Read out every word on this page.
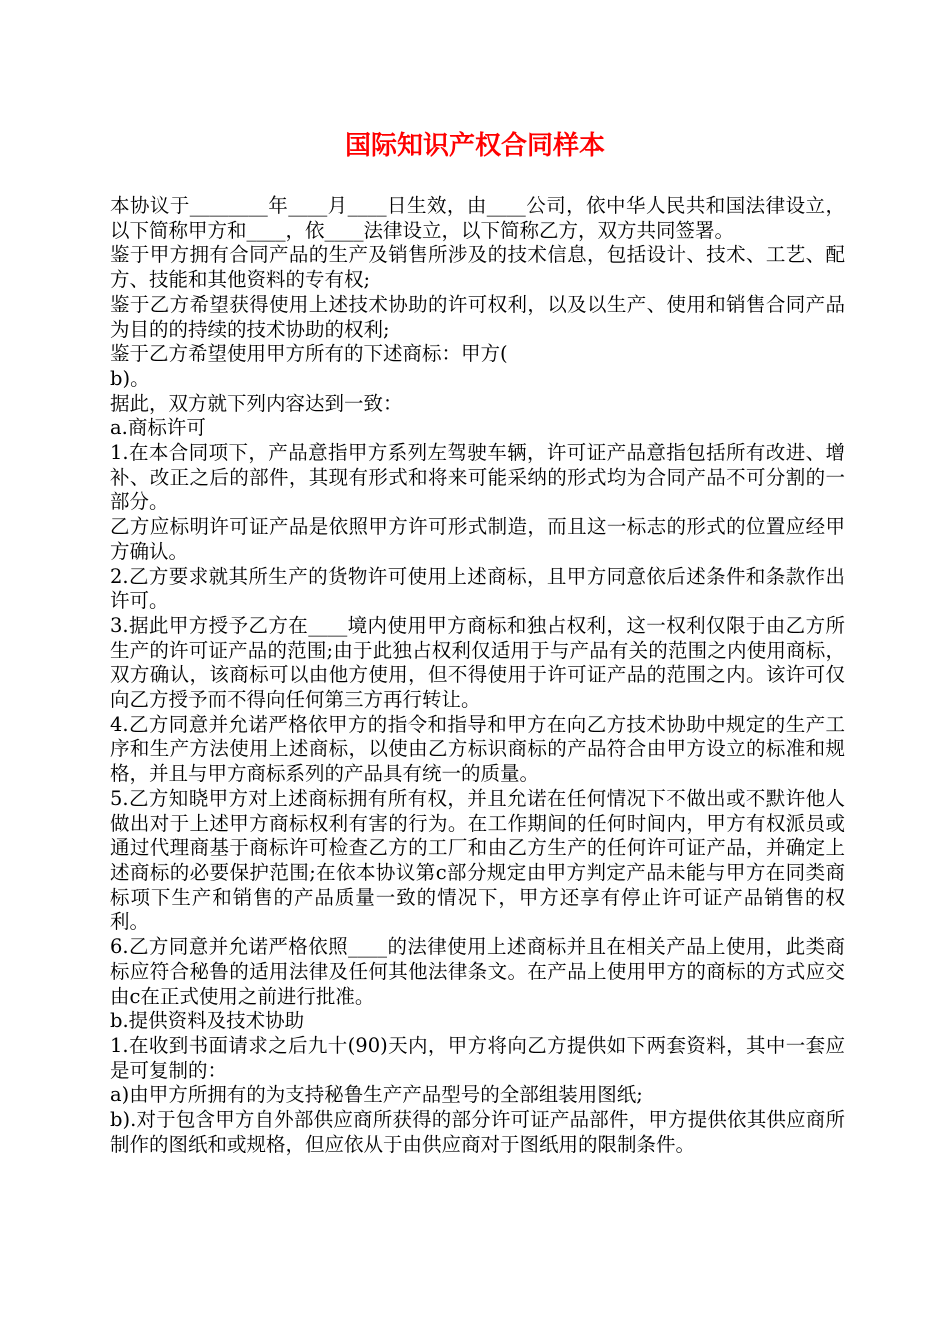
国际知识产权合同样本

本协议于________年____月____日生效，由____公司，依中华人民共和国法律设立，以下简称甲方和____，依____法律设立，以下简称乙方，双方共同签署。

鉴于甲方拥有合同产品的生产及销售所涉及的技术信息，包括设计、技术、工艺、配方、技能和其他资料的专有权;

鉴于乙方希望获得使用上述技术协助的许可权利，以及以生产、使用和销售合同产品为目的的持续的技术协助的权利;

鉴于乙方希望使用甲方所有的下述商标：甲方(

b)。

据此，双方就下列内容达到一致：

a.商标许可

1.在本合同项下，产品意指甲方系列左驾驶车辆，许可证产品意指包括所有改进、增补、改正之后的部件，其现有形式和将来可能采纳的形式均为合同产品不可分割的一部分。

乙方应标明许可证产品是依照甲方许可形式制造，而且这一标志的形式的位置应经甲方确认。

2.乙方要求就其所生产的货物许可使用上述商标，且甲方同意依后述条件和条款作出许可。

3.据此甲方授予乙方在____境内使用甲方商标和独占权利，这一权利仅限于由乙方所生产的许可证产品的范围;由于此独占权利仅适用于与产品有关的范围之内使用商标，双方确认，该商标可以由他方使用，但不得使用于许可证产品的范围之内。该许可仅向乙方授予而不得向任何第三方再行转让。

4.乙方同意并允诺严格依甲方的指令和指导和甲方在向乙方技术协助中规定的生产工序和生产方法使用上述商标，以使由乙方标识商标的产品符合由甲方设立的标准和规格，并且与甲方商标系列的产品具有统一的质量。

5.乙方知晓甲方对上述商标拥有所有权，并且允诺在任何情况下不做出或不默许他人做出对于上述甲方商标权利有害的行为。在工作期间的任何时间内，甲方有权派员或通过代理商基于商标许可检查乙方的工厂和由乙方生产的任何许可证产品，并确定上述商标的必要保护范围;在依本协议第c部分规定由甲方判定产品未能与甲方在同类商标项下生产和销售的产品质量一致的情况下，甲方还享有停止许可证产品销售的权利。

6.乙方同意并允诺严格依照____的法律使用上述商标并且在相关产品上使用，此类商标应符合秘鲁的适用法律及任何其他法律条文。在产品上使用甲方的商标的方式应交由c在正式使用之前进行批准。

b.提供资料及技术协助

1.在收到书面请求之后九十(90)天内，甲方将向乙方提供如下两套资料，其中一套应是可复制的：

a)由甲方所拥有的为支持秘鲁生产产品型号的全部组装用图纸;

b).对于包含甲方自外部供应商所获得的部分许可证产品部件，甲方提供依其供应商所制作的图纸和或规格，但应依从于由供应商对于图纸用的限制条件。
